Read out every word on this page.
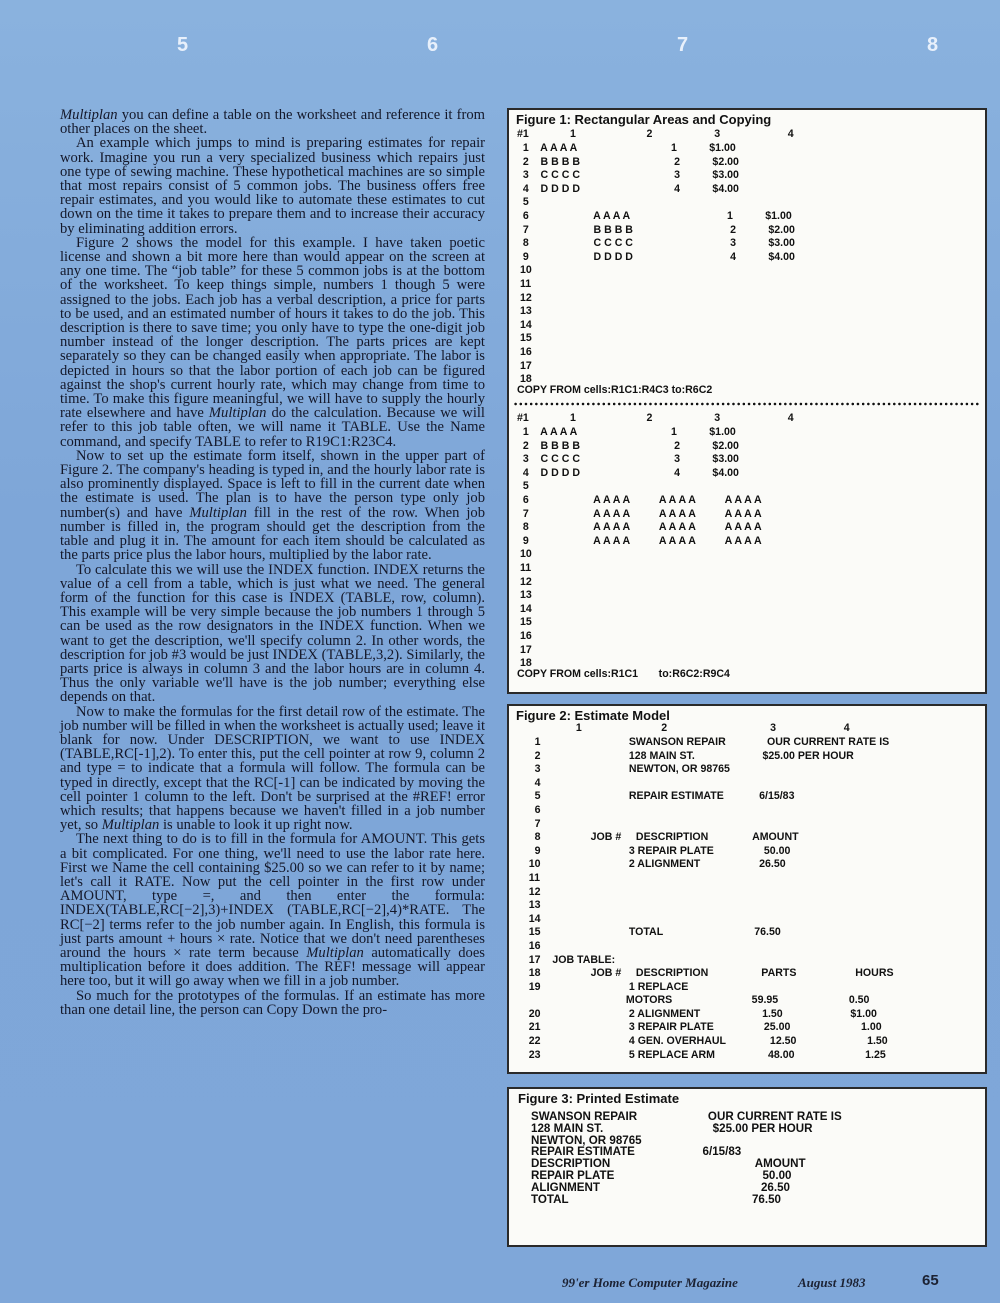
5	6	7	8

Multiplan you can define a table on the worksheet and reference it from other places on the sheet.

An example which jumps to mind is preparing estimates for repair work. Imagine you run a very specialized business which repairs just one type of sewing machine. These hypothetical machines are so simple that most repairs consist of 5 common jobs. The business offers free repair estimates, and you would like to automate these estimates to cut down on the time it takes to prepare them and to increase their accuracy by eliminating addition errors.

Figure 2 shows the model for this example. I have taken poetic license and shown a bit more here than would appear on the screen at any one time. The “job table” for these 5 common jobs is at the bottom of the worksheet. To keep things simple, numbers 1 though 5 were assigned to the jobs. Each job has a verbal description, a price for parts to be used, and an estimated number of hours it takes to do the job. This description is there to save time; you only have to type the one-digit job number instead of the longer description. The parts prices are kept separately so they can be changed easily when appropriate. The labor is depicted in hours so that the labor portion of each job can be figured against the shop's current hourly rate, which may change from time to time. To make this figure meaningful, we will have to supply the hourly rate elsewhere and have Multiplan do the calculation. Because we will refer to this job table often, we will name it TABLE. Use the Name command, and specify TABLE to refer to R19C1:R23C4.

Now to set up the estimate form itself, shown in the upper part of Figure 2. The company's heading is typed in, and the hourly labor rate is also prominently displayed. Space is left to fill in the current date when the estimate is used. The plan is to have the person type only job number(s) and have Multiplan fill in the rest of the row. When job number is filled in, the program should get the description from the table and plug it in. The amount for each item should be calculated as the parts price plus the labor hours, multiplied by the labor rate.

To calculate this we will use the INDEX function. INDEX returns the value of a cell from a table, which is just what we need. The general form of the function for this case is INDEX (TABLE, row, column). This example will be very simple because the job numbers 1 through 5 can be used as the row designators in the INDEX function. When we want to get the description, we'll specify column 2. In other words, the description for job #3 would be just INDEX (TABLE,3,2). Similarly, the parts price is always in column 3 and the labor hours are in column 4. Thus the only variable we'll have is the job number; everything else depends on that.

Now to make the formulas for the first detail row of the estimate. The job number will be filled in when the worksheet is actually used; leave it blank for now. Under DESCRIPTION, we want to use INDEX (TABLE,RC[-1],2). To enter this, put the cell pointer at row 9, column 2 and type = to indicate that a formula will follow. The formula can be typed in directly, except that the RC[-1] can be indicated by moving the cell pointer 1 column to the left. Don't be surprised at the #REF! error which results; that happens because we haven't filled in a job number yet, so Multiplan is unable to look it up right now.

The next thing to do is to fill in the formula for AMOUNT. This gets a bit complicated. For one thing, we'll need to use the labor rate here. First we Name the cell containing $25.00 so we can refer to it by name; let's call it RATE. Now put the cell pointer in the first row under AMOUNT, type =, and then enter the formula: INDEX(TABLE,RC[−2],3)+INDEX (TABLE,RC[−2],4)*RATE. The RC[−2] terms refer to the job number again. In English, this formula is just parts amount + hours × rate. Notice that we don't need parentheses around the hours × rate term because Multiplan automatically does multiplication before it does addition. The REF! message will appear here too, but it will go away when we fill in a job number.

So much for the prototypes of the formulas. If an estimate has more than one detail line, the person can Copy Down the pro-

Figure 1: Rectangular Areas and Copying
#1              1                        2                     3                       4
1    A A A A                                1           $1.00
2    B B B B                                2           $2.00
3    C C C C                                3           $3.00
4    D D D D                                4           $4.00
5
6                      A A A A                                 1           $1.00
7                      B B B B                                 2           $2.00
8                      C C C C                                 3           $3.00
9                      D D D D                                 4           $4.00
10
11
12
13
14
15
16
17
18
COPY FROM cells:R1C1:R4C3 to:R6C2
#1              1                        2                     3                       4
1    A A A A                                1           $1.00
2    B B B B                                2           $2.00
3    C C C C                                3           $3.00
4    D D D D                                4           $4.00
5
6                      A A A A          A A A A          A A A A
7                      A A A A          A A A A          A A A A
8                      A A A A          A A A A          A A A A
9                      A A A A          A A A A          A A A A
10
11
12
13
14
15
16
17
18
COPY FROM cells:R1C1       to:R6C2:R9C4
Figure 2: Estimate Model
1                           2                                   3                       4
1                              SWANSON REPAIR              OUR CURRENT RATE IS
2                              128 MAIN ST.                       $25.00 PER HOUR
3                              NEWTON, OR 98765
4
5                              REPAIR ESTIMATE            6/15/83
6
7
8                 JOB #     DESCRIPTION               AMOUNT
9                              3 REPAIR PLATE                 50.00
10                              2 ALIGNMENT                    26.50
11
12
13
14
15                              TOTAL                               76.50
16
17    JOB TABLE:
18                 JOB #     DESCRIPTION                  PARTS                    HOURS
19                              1 REPLACE
MOTORS                           59.95                        0.50
20                              2 ALIGNMENT                     1.50                       $1.00
21                              3 REPAIR PLATE                 25.00                        1.00
22                              4 GEN. OVERHAUL               12.50                        1.50
23                              5 REPLACE ARM                  48.00                        1.25
Figure 3: Printed Estimate
SWANSON REPAIR                      OUR CURRENT RATE IS
128 MAIN ST.                                  $25.00 PER HOUR
NEWTON, OR 98765
REPAIR ESTIMATE                     6/15/83
DESCRIPTION                                             AMOUNT
REPAIR PLATE                                              50.00
ALIGNMENT                                                  26.50
TOTAL                                                         76.50
99'er Home Computer Magazine	August 1983	65
